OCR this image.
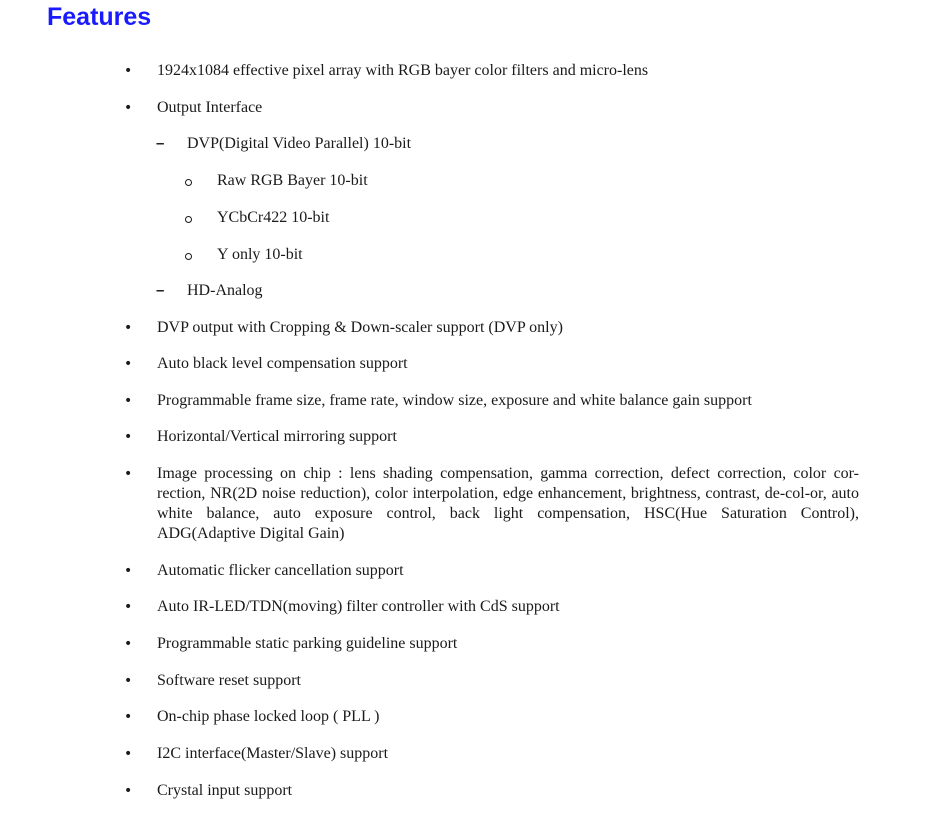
Features
• 1924x1084 effective pixel array with RGB bayer color filters and micro-lens
• Output Interface
– DVP(Digital Video Parallel) 10-bit
Raw RGB Bayer 10-bit
YCbCr422 10-bit
Y only 10-bit
– HD-Analog
• DVP output with Cropping & Down-scaler support (DVP only)
• Auto black level compensation support
• Programmable frame size, frame rate, window size, exposure and white balance gain support
• Horizontal/Vertical mirroring support
• Image processing on chip : lens shading compensation, gamma correction, defect correction, color cor-rection, NR(2D noise reduction), color interpolation, edge enhancement, brightness, contrast, de-col-or, auto white balance, auto exposure control, back light compensation, HSC(Hue Saturation Control), ADG(Adaptive Digital Gain)
• Automatic flicker cancellation support
• Auto IR-LED/TDN(moving) filter controller with CdS support
• Programmable static parking guideline support
• Software reset support
• On-chip phase locked loop ( PLL )
• I2C interface(Master/Slave) support
• Crystal input support
